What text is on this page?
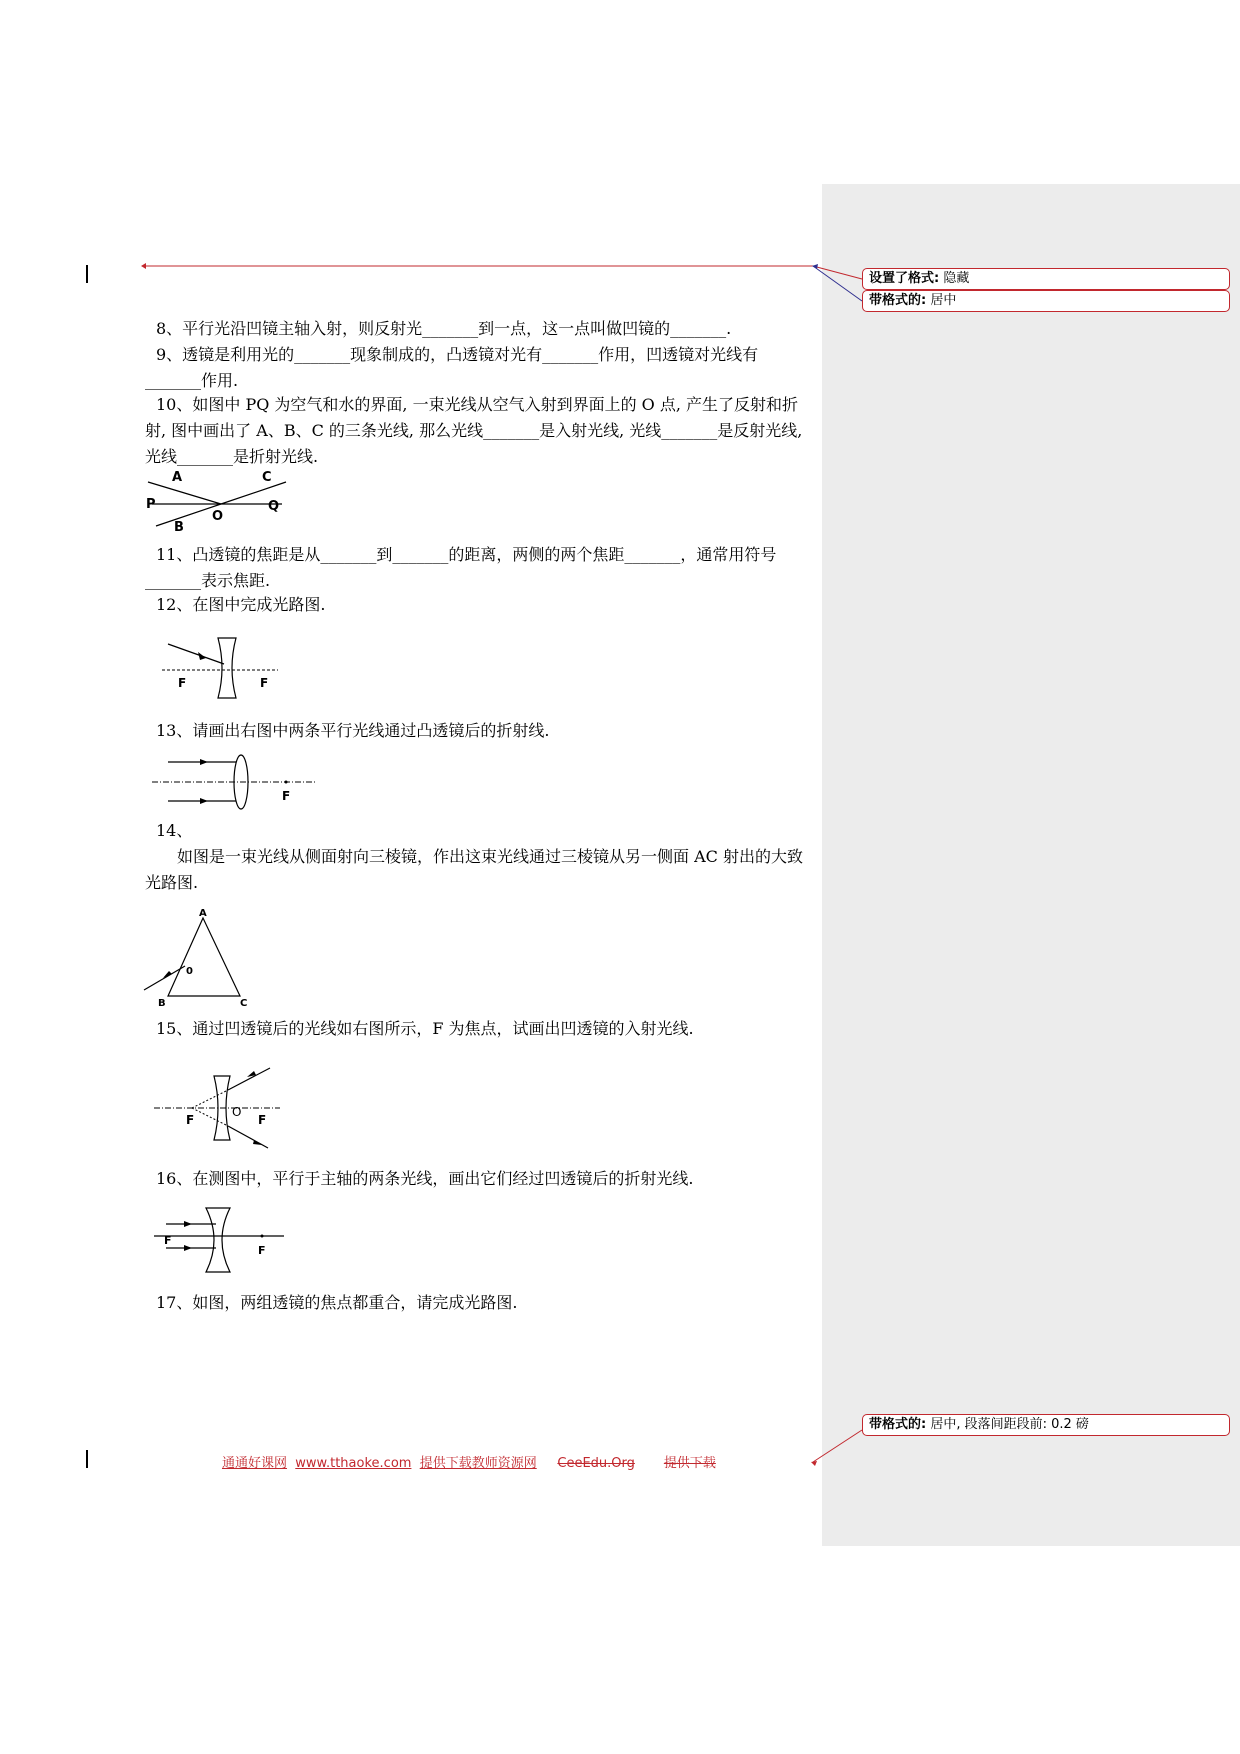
设置了格式: 隐藏
带格式的: 居中
带格式的: 居中, 段落间距段前: 0.2 磅
8、平行光沿凹镜主轴入射，则反射光_______到一点，这一点叫做凹镜的_______.
9、透镜是利用光的_______现象制成的，凸透镜对光有_______作用，凹透镜对光线有_______作用.
10、如图中 PQ 为空气和水的界面, 一束光线从空气入射到界面上的 O 点, 产生了反射和折射, 图中画出了 A、B、C 的三条光线, 那么光线_______是入射光线, 光线_______是反射光线, 光线_______是折射光线.
A	C
P
O
Q
B
11、凸透镜的焦距是从_______到_______的距离，两侧的两个焦距_______，通常用符号_______表示焦距.
12、在图中完成光路图.
F	F
13、请画出右图中两条平行光线通过凸透镜后的折射线.
F
14、
如图是一束光线从侧面射向三棱镜，作出这束光线通过三棱镜从另一侧面 AC 射出的大致光路图.
A
B	C
0
15、通过凹透镜后的光线如右图所示，F 为焦点，试画出凹透镜的入射光线.
F
O
F
16、在测图中，平行于主轴的两条光线，画出它们经过凹透镜后的折射光线.
F
F
17、如图，两组透镜的焦点都重合，请完成光路图.
通通好课网 www.tthaoke.com 提供下载教师资源网 CeeEdu.Org 提供下载
